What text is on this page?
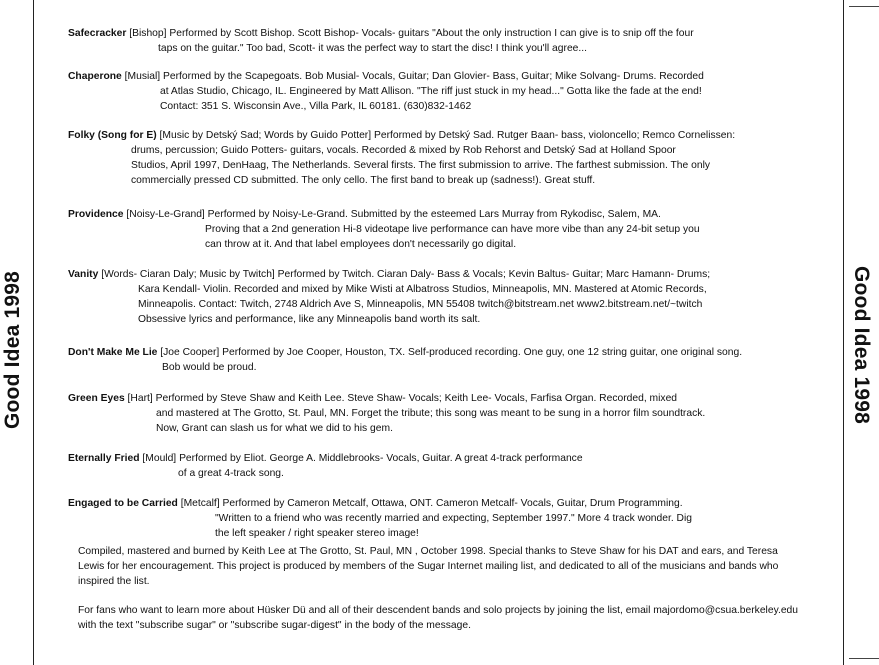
Good Idea 1998	Good Idea 1998
Safecracker [Bishop] Performed by Scott Bishop. Scott Bishop- Vocals- guitars "About the only instruction I can give is to snip off the four
taps on the guitar." Too bad, Scott- it was the perfect way to start the disc! I think you'll agree...
Chaperone [Musial] Performed by the Scapegoats. Bob Musial- Vocals, Guitar; Dan Glovier- Bass, Guitar; Mike Solvang- Drums. Recorded
at Atlas Studio, Chicago, IL. Engineered by Matt Allison. "The riff just stuck in my head..." Gotta like the fade at the end!
Contact: 351 S. Wisconsin Ave., Villa Park, IL 60181. (630)832-1462
Folky (Song for E) [Music by Detský Sad; Words by Guido Potter] Performed by Detský Sad. Rutger Baan- bass, violoncello; Remco Cornelissen:
drums, percussion; Guido Potters- guitars, vocals. Recorded & mixed by Rob Rehorst and Detský Sad at Holland Spoor
Studios, April 1997, DenHaag, The Netherlands. Several firsts. The first submission to arrive. The farthest submission. The only
commercially pressed CD submitted. The only cello. The first band to break up (sadness!). Great stuff.
Providence [Noisy-Le-Grand] Performed by Noisy-Le-Grand. Submitted by the esteemed Lars Murray from Rykodisc, Salem, MA.
Proving that a 2nd generation Hi-8 videotape live performance can have more vibe than any 24-bit setup you
can throw at it. And that label employees don't necessarily go digital.
Vanity [Words- Ciaran Daly; Music by Twitch] Performed by Twitch. Ciaran Daly- Bass & Vocals; Kevin Baltus- Guitar; Marc Hamann- Drums;
Kara Kendall- Violin. Recorded and mixed by Mike Wisti at Albatross Studios, Minneapolis, MN. Mastered at Atomic Records,
Minneapolis. Contact: Twitch, 2748 Aldrich Ave S, Minneapolis, MN 55408 twitch@bitstream.net www2.bitstream.net/~twitch
Obsessive lyrics and performance, like any Minneapolis band worth its salt.
Don't Make Me Lie [Joe Cooper] Performed by Joe Cooper, Houston, TX. Self-produced recording. One guy, one 12 string guitar, one original song.
Bob would be proud.
Green Eyes [Hart] Performed by Steve Shaw and Keith Lee. Steve Shaw- Vocals; Keith Lee- Vocals, Farfisa Organ. Recorded, mixed
and mastered at The Grotto, St. Paul, MN. Forget the tribute; this song was meant to be sung in a horror film soundtrack.
Now, Grant can slash us for what we did to his gem.
Eternally Fried [Mould] Performed by Eliot. George A. Middlebrooks- Vocals, Guitar. A great 4-track performance
of a great 4-track song.
Engaged to be Carried [Metcalf] Performed by Cameron Metcalf, Ottawa, ONT. Cameron Metcalf- Vocals, Guitar, Drum Programming.
"Written to a friend who was recently married and expecting, September 1997." More 4 track wonder. Dig
the left speaker / right speaker stereo image!
Compiled, mastered and burned by Keith Lee at The Grotto, St. Paul, MN , October 1998. Special thanks to Steve Shaw for his DAT and ears, and Teresa
Lewis for her encouragement. This project is produced by members of the Sugar Internet mailing list, and dedicated to all of the musicians and bands who
inspired the list.
For fans who want to learn more about Hüsker Dü and all of their descendent bands and solo projects by joining the list, email majordomo@csua.berkeley.edu
with the text "subscribe sugar" or "subscribe sugar-digest" in the body of the message.
